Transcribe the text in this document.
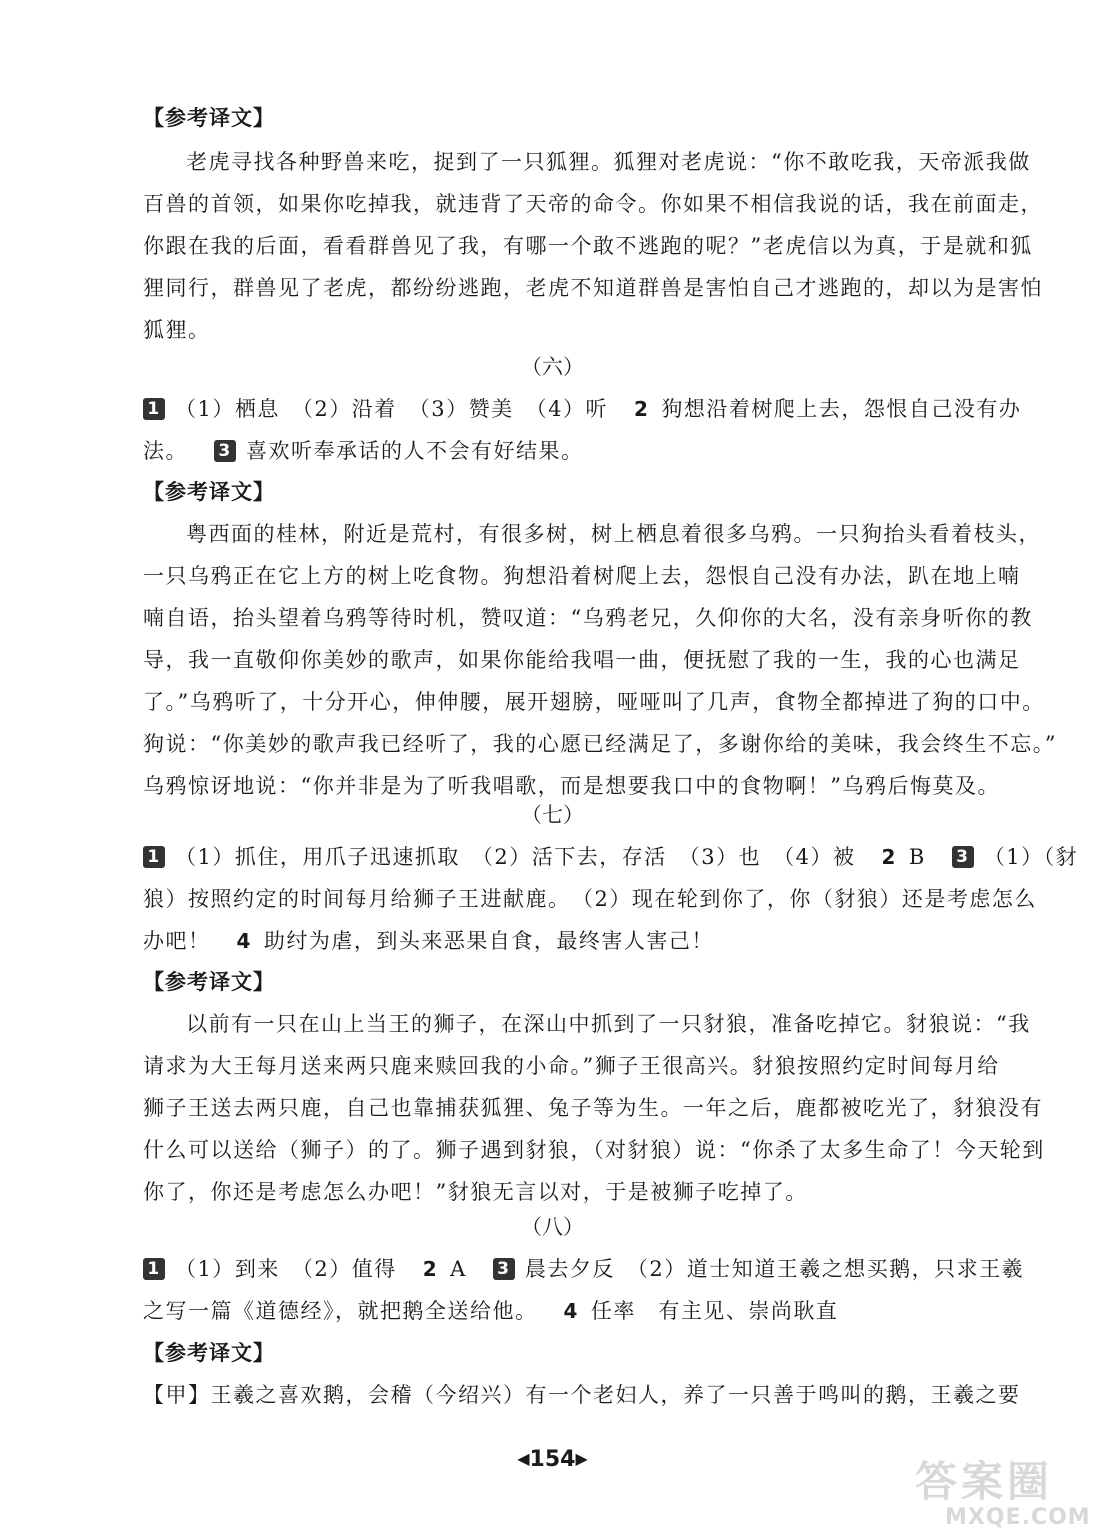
【参考译文】
老虎寻找各种野兽来吃，捉到了一只狐狸。狐狸对老虎说：“你不敢吃我，天帝派我做
百兽的首领，如果你吃掉我，就违背了天帝的命令。你如果不相信我说的话，我在前面走，
你跟在我的后面，看看群兽见了我，有哪一个敢不逃跑的呢？”老虎信以为真，于是就和狐
狸同行，群兽见了老虎，都纷纷逃跑，老虎不知道群兽是害怕自己才逃跑的，却以为是害怕
狐狸。
（六）
1 （1）栖息　（2）沿着　（3）赞美　（4）听 2 狗想沿着树爬上去，怨恨自己没有办
法。 3 喜欢听奉承话的人不会有好结果。
【参考译文】
粤西面的桂林，附近是荒村，有很多树，树上栖息着很多乌鸦。一只狗抬头看着枝头，
一只乌鸦正在它上方的树上吃食物。狗想沿着树爬上去，怨恨自己没有办法，趴在地上喃
喃自语，抬头望着乌鸦等待时机，赞叹道：“乌鸦老兄，久仰你的大名，没有亲身听你的教
导，我一直敬仰你美妙的歌声，如果你能给我唱一曲，便抚慰了我的一生，我的心也满足
了。”乌鸦听了，十分开心，伸伸腰，展开翅膀，哑哑叫了几声，食物全都掉进了狗的口中。
狗说：“你美妙的歌声我已经听了，我的心愿已经满足了，多谢你给的美味，我会终生不忘。”
乌鸦惊讶地说：“你并非是为了听我唱歌，而是想要我口中的食物啊！”乌鸦后悔莫及。
（七）
1 （1）抓住，用爪子迅速抓取　（2）活下去，存活　（3）也　（4）被 2 B 3 （1）（豺
狼）按照约定的时间每月给狮子王进献鹿。　（2）现在轮到你了，你（豺狼）还是考虑怎么
办吧！ 4 助纣为虐，到头来恶果自食，最终害人害己！
【参考译文】
以前有一只在山上当王的狮子，在深山中抓到了一只豺狼，准备吃掉它。豺狼说：“我
请求为大王每月送来两只鹿来赎回我的小命。”狮子王很高兴。豺狼按照约定时间每月给
狮子王送去两只鹿，自己也靠捕获狐狸、兔子等为生。一年之后，鹿都被吃光了，豺狼没有
什么可以送给（狮子）的了。狮子遇到豺狼，（对豺狼）说：“你杀了太多生命了！今天轮到
你了，你还是考虑怎么办吧！”豺狼无言以对，于是被狮子吃掉了。
（八）
1 （1）到来　（2）值得 2 A 3 晨去夕反　（2）道士知道王羲之想买鹅，只求王羲
之写一篇《道德经》，就把鹅全送给他。 4 任率　有主见、崇尚耿直
【参考译文】
【甲】王羲之喜欢鹅，会稽（今绍兴）有一个老妇人，养了一只善于鸣叫的鹅，王羲之要
◀154▶	答案圈
MXQE.COM
